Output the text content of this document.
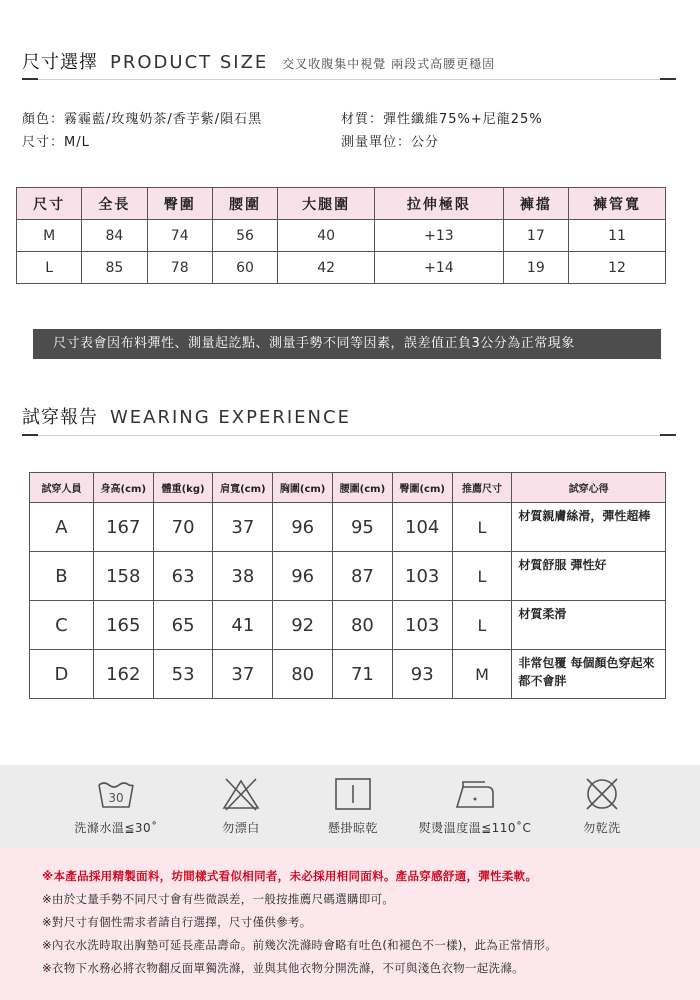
尺寸選擇 PRODUCT SIZE 交叉收腹集中視覺 兩段式高腰更穩固
顏色：霧霾藍/玫瑰奶茶/香芋紫/隕石黑	材質：彈性纖維75%+尼龍25%
尺寸：M/L	測量單位：公分
尺寸	全長	臀圍	腰圍	大腿圍	拉伸極限	褲擋	褲管寬
M	84	74	56	40	+13	17	11
L	85	78	60	42	+14	19	12
尺寸表會因布料彈性、測量起訖點、測量手勢不同等因素，誤差值正負3公分為正常現象
試穿報告 WEARING EXPERIENCE
試穿人員	身高(cm)	體重(kg)	肩寬(cm)	胸圍(cm)	腰圍(cm)	臀圍(cm)	推薦尺寸	試穿心得
A	167	70	37	96	95	104	L	材質親膚絲滑，彈性超棒
B	158	63	38	96	87	103	L	材質舒服 彈性好
C	165	65	41	92	80	103	L	材質柔滑
D	162	53	37	80	71	93	M	非常包覆 每個顏色穿起來都不會胖
30
洗滌水溫≦30˚	勿漂白	懸掛晾乾	熨燙溫度溫≦110˚C	勿乾洗

※本產品採用精製面料，坊間樣式看似相同者，未必採用相同面料。產品穿感舒適，彈性柔軟。

※由於丈量手勢不同尺寸會有些微誤差，一般按推薦尺碼選購即可。

※對尺寸有個性需求者請自行選擇，尺寸僅供參考。

※內衣水洗時取出胸墊可延長產品壽命。前幾次洗滌時會略有吐色(和褪色不一樣)，此為正常情形。

※衣物下水務必將衣物翻反面單獨洗滌，並與其他衣物分開洗滌，不可與淺色衣物一起洗滌。
